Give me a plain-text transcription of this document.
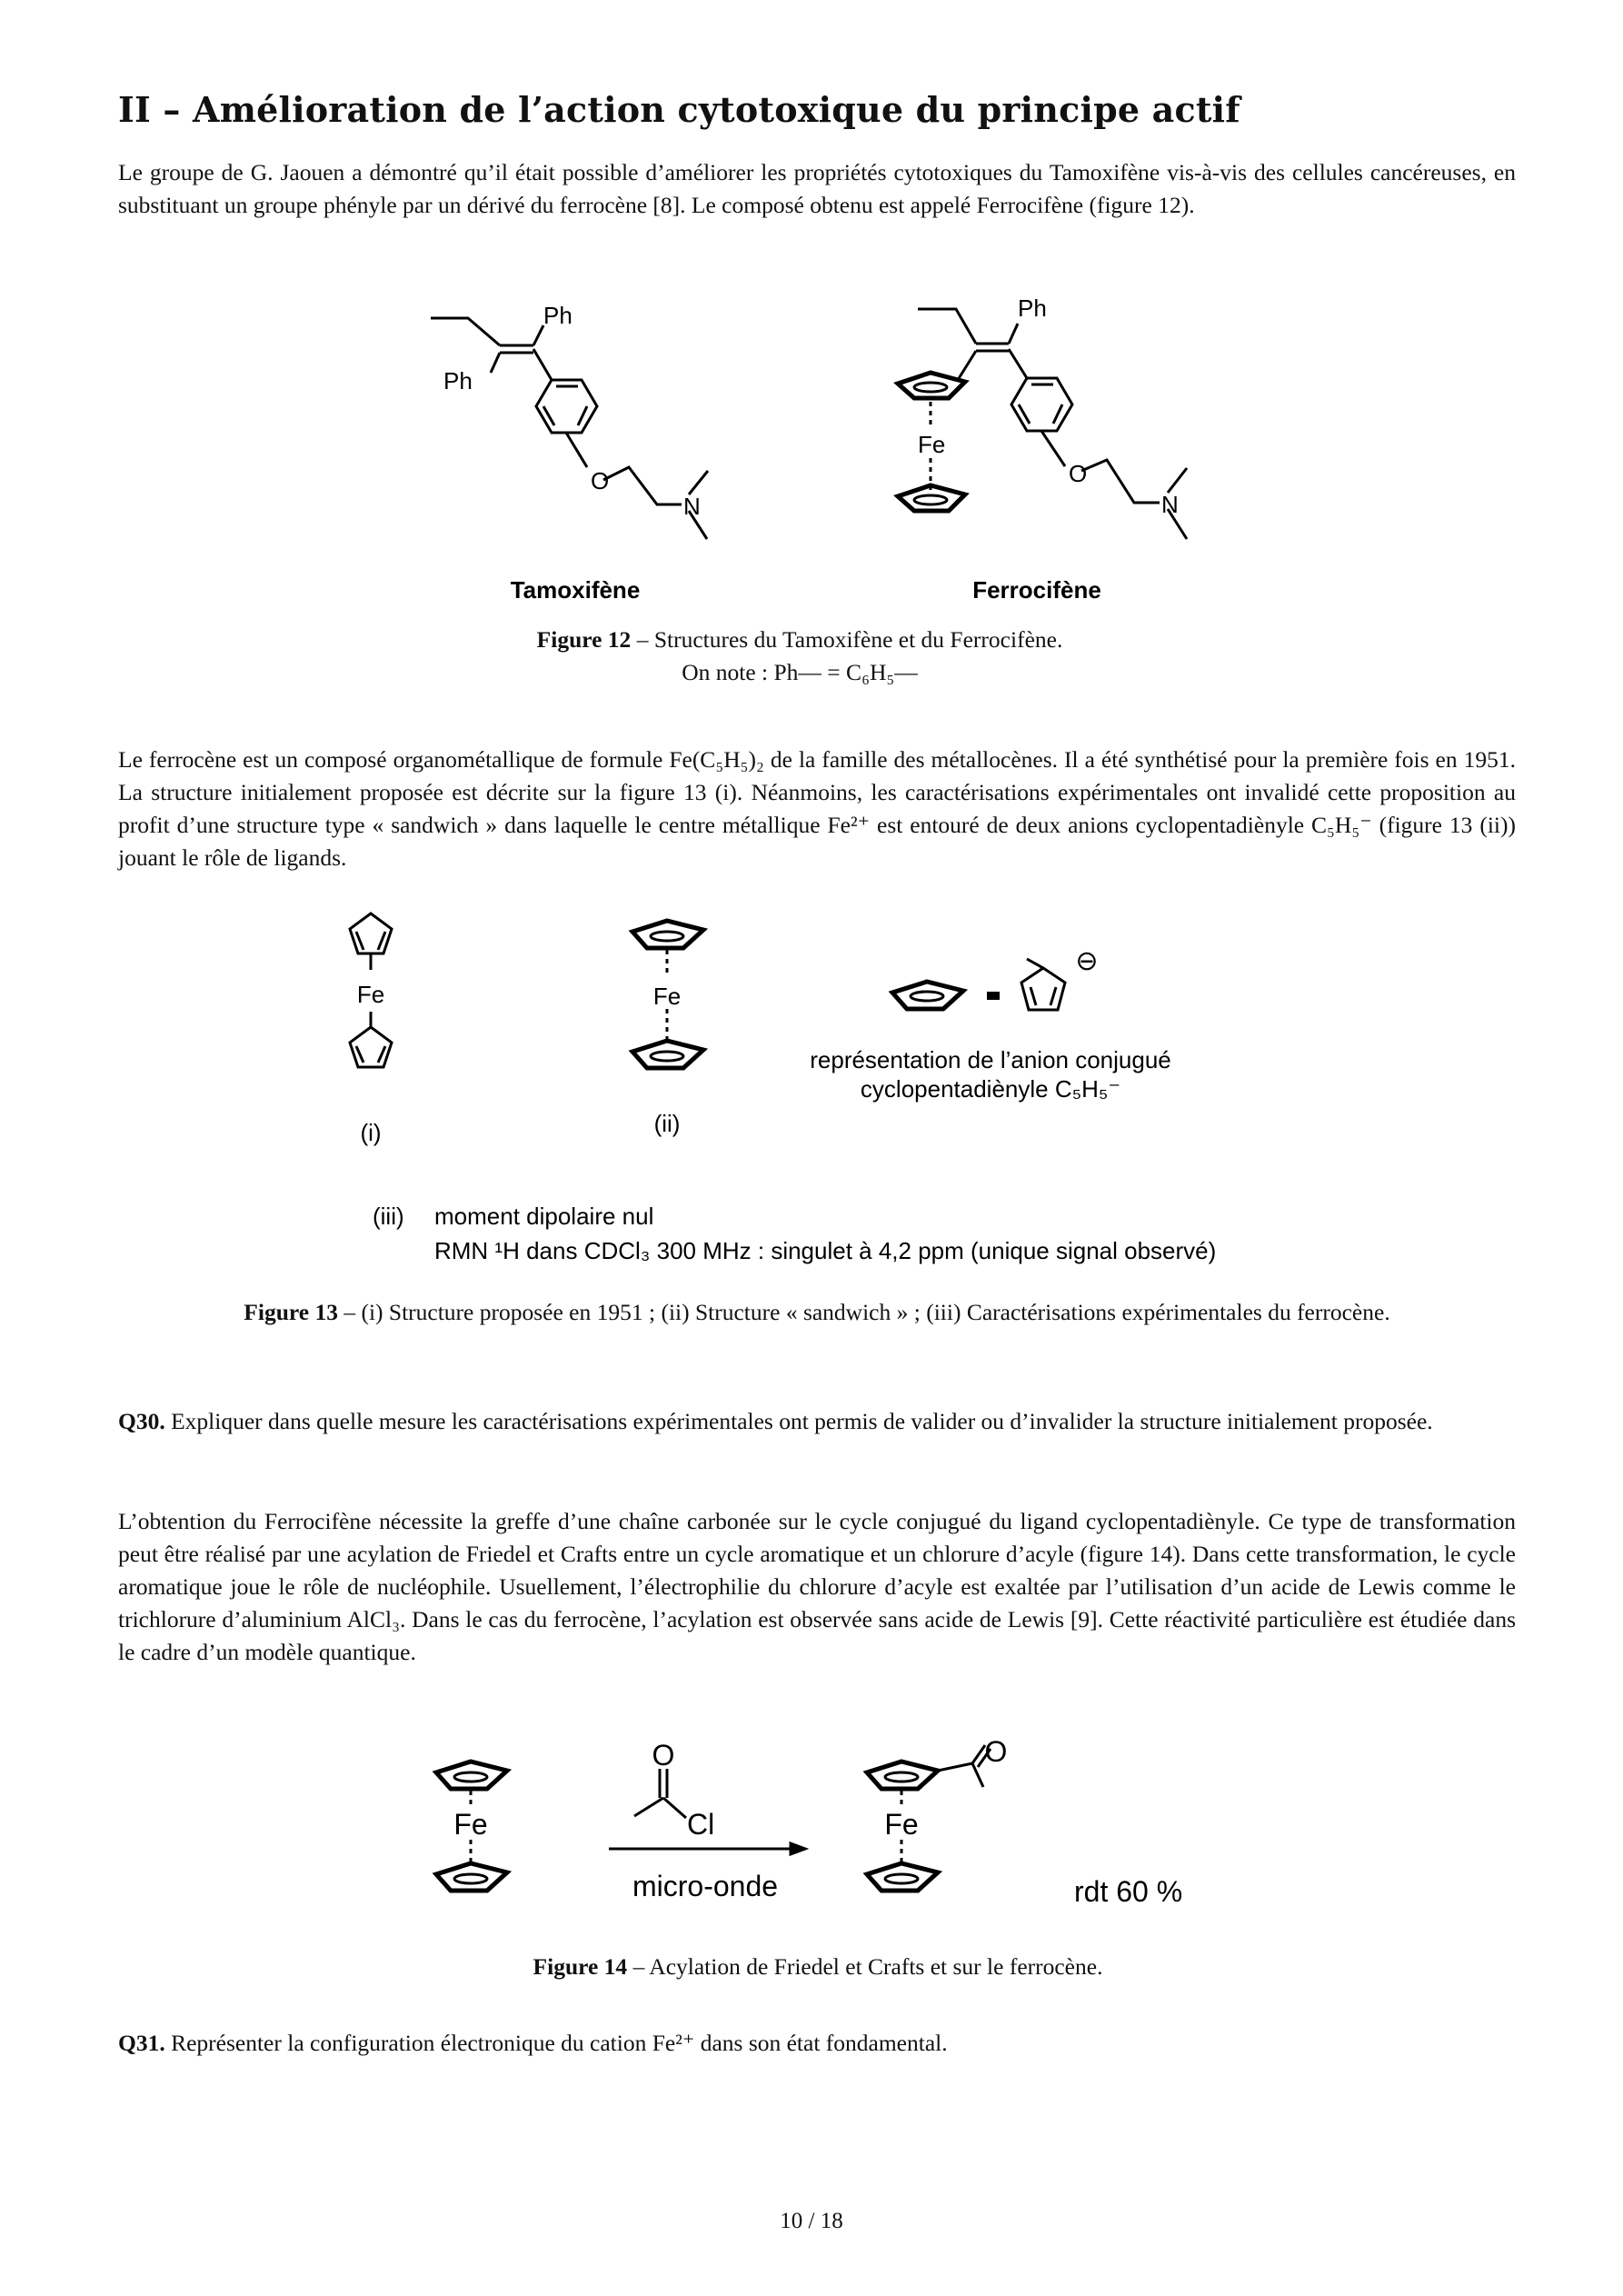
II – Amélioration de l’action cytotoxique du principe actif

Le groupe de G. Jaouen a démontré qu’il était possible d’améliorer les propriétés cytotoxiques du Tamoxifène vis-à-vis des cellules cancéreuses, en substituant un groupe phényle par un dérivé du ferrocène [8]. Le composé obtenu est appelé Ferrocifène (figure 12).

Ph
Ph
O
N
Ph
Fe
O
N
Tamoxifène	Ferrocifène
Figure 12 – Structures du Tamoxifène et du Ferrocifène.
On note : Ph— = C₆H₅—

Le ferrocène est un composé organométallique de formule Fe(C₅H₅)₂ de la famille des métallocènes. Il a été synthétisé pour la première fois en 1951. La structure initialement proposée est décrite sur la figure 13 (i). Néanmoins, les caractérisations expérimentales ont invalidé cette proposition au profit d’une structure type « sandwich » dans laquelle le centre métallique Fe²⁺ est entouré de deux anions cyclopentadiènyle C₅H₅⁻ (figure 13 (ii)) jouant le rôle de ligands.

Fe	Fe
⊖
(i)	(ii)
représentation de l’anion conjugué
cyclopentadiènyle C₅H₅⁻
(iii) moment dipolaire nul
RMN ¹H dans CDCl₃ 300 MHz : singulet à 4,2 ppm (unique signal observé)
Figure 13 – (i) Structure proposée en 1951 ; (ii) Structure « sandwich » ; (iii) Caractérisations expérimentales du ferrocène.
Q30. Expliquer dans quelle mesure les caractérisations expérimentales ont permis de valider ou d’invalider la structure initialement proposée.

L’obtention du Ferrocifène nécessite la greffe d’une chaîne carbonée sur le cycle conjugué du ligand cyclopentadiènyle. Ce type de transformation peut être réalisé par une acylation de Friedel et Crafts entre un cycle aromatique et un chlorure d’acyle (figure 14). Dans cette transformation, le cycle aromatique joue le rôle de nucléophile. Usuellement, l’électrophilie du chlorure d’acyle est exaltée par l’utilisation d’un acide de Lewis comme le trichlorure d’aluminium AlCl₃. Dans le cas du ferrocène, l’acylation est observée sans acide de Lewis [9]. Cette réactivité particulière est étudiée dans le cadre d’un modèle quantique.

Fe
O
Cl
micro-onde
Fe
O
rdt 60 %
Figure 14 – Acylation de Friedel et Crafts et sur le ferrocène.
Q31. Représenter la configuration électronique du cation Fe²⁺ dans son état fondamental.
10 / 18
